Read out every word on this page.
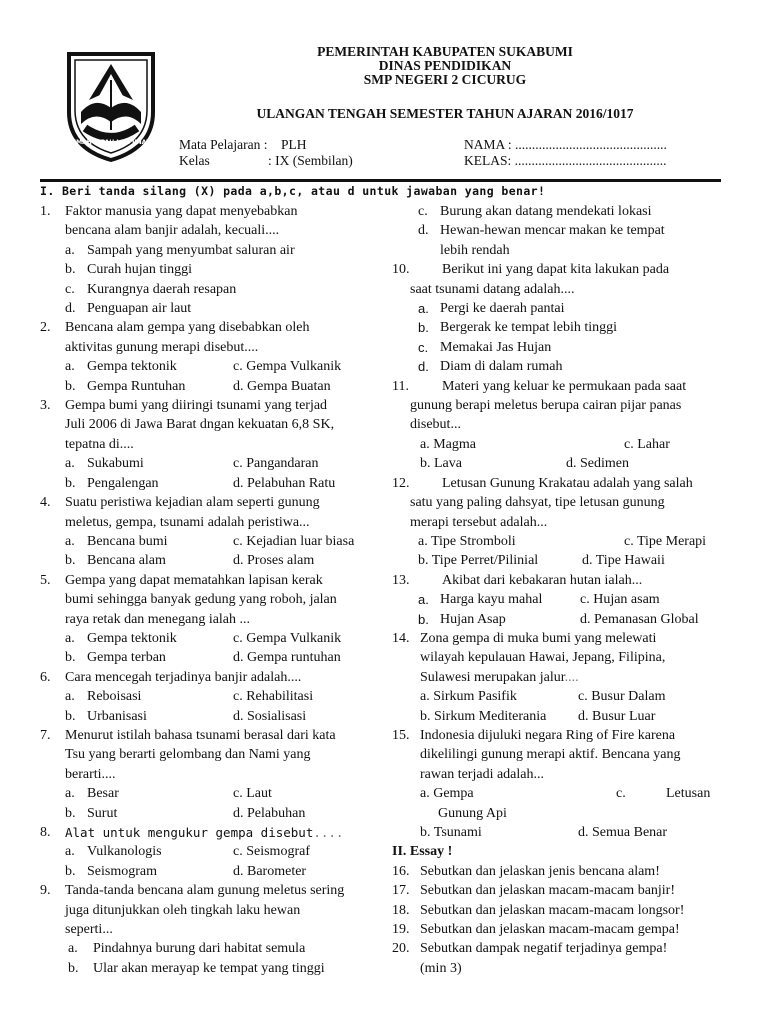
GEMAH RIPAH LOH JINAWI
PEMERINTAH KABUPATEN SUKABUMI
DINAS PENDIDIKAN
SMP NEGERI 2 CICURUG
ULANGAN TENGAH SEMESTER TAHUN AJARAN 2016/1017
Mata Pelajaran : PLH
Kelas	: IX (Sembilan)
NAMA : .............................................
KELAS: .............................................
I. Beri tanda silang (X) pada a,b,c, atau d untuk jawaban yang benar!
1.	Faktor manusia yang dapat menyebabkan
bencana alam banjir adalah, kecuali....
a. Sampah yang menyumbat saluran air
b. Curah hujan tinggi
c. Kurangnya daerah resapan
d. Penguapan air laut
2.	Bencana alam gempa yang disebabkan oleh
aktivitas gunung merapi disebut....
a. Gempa tektonik	c. Gempa Vulkanik
b. Gempa Runtuhan	d. Gempa Buatan
3.	Gempa bumi yang diiringi tsunami yang terjad
Juli 2006 di Jawa Barat dngan kekuatan 6,8 SK,
tepatna di....
a. Sukabumi	c. Pangandaran
b. Pengalengan	d. Pelabuhan Ratu
4.	Suatu peristiwa kejadian alam seperti gunung
meletus, gempa, tsunami adalah peristiwa...
a. Bencana bumi	c. Kejadian luar biasa
b. Bencana alam	d. Proses alam
5.	Gempa yang dapat mematahkan lapisan kerak
bumi sehingga banyak gedung yang roboh, jalan
raya retak dan menegang ialah ...
a. Gempa tektonik	c. Gempa Vulkanik
b. Gempa terban	d. Gempa runtuhan
6.	Cara mencegah terjadinya banjir adalah....
a. Reboisasi	c. Rehabilitasi
b. Urbanisasi	d. Sosialisasi
7.	Menurut istilah bahasa tsunami berasal dari kata
Tsu yang berarti gelombang dan Nami yang
berarti....
a. Besar	c. Laut
b. Surut	d. Pelabuhan
8.	Alat untuk mengukur gempa disebut ....
a. Vulkanologis	c. Seismograf
b. Seismogram	d. Barometer
9.	Tanda-tanda bencana alam gunung meletus sering
juga ditunjukkan oleh tingkah laku hewan
seperti...
a.	Pindahnya burung dari habitat semula
b.	Ular akan merayap ke tempat yang tinggi
c. Burung akan datang mendekati lokasi
d. Hewan-hewan mencar makan ke tempat
lebih rendah
10.	Berikut ini yang dapat kita lakukan pada
saat tsunami datang adalah....
a. Pergi ke daerah pantai
b. Bergerak ke tempat lebih tinggi
c. Memakai Jas Hujan
d. Diam di dalam rumah
11.	Materi yang keluar ke permukaan pada saat
gunung berapi meletus berupa cairan pijar panas
disebut...
a. Magma	c. Lahar
b. Lava	d. Sedimen
12.	Letusan Gunung Krakatau adalah yang salah
satu yang paling dahsyat, tipe letusan gunung
merapi tersebut adalah...
a. Tipe Stromboli	c. Tipe Merapi
b. Tipe Perret/Pilinial	d. Tipe Hawaii
13.	Akibat dari kebakaran hutan ialah...
a. Harga kayu mahal	c. Hujan asam
b. Hujan Asap	d. Pemanasan Global
14. Zona gempa di muka bumi yang melewati
wilayah kepulauan Hawai, Jepang, Filipina,
Sulawesi merupakan jalur....
a. Sirkum Pasifik	c. Busur Dalam
b. Sirkum Mediterania	d. Busur Luar
15. Indonesia dijuluki negara Ring of Fire karena
dikelilingi gunung merapi aktif. Bencana yang
rawan terjadi adalah...
a. Gempa	c.	Letusan
Gunung Api
b. Tsunami	d. Semua Benar
II. Essay !
16. Sebutkan dan jelaskan jenis bencana alam!
17. Sebutkan dan jelaskan macam-macam banjir!
18. Sebutkan dan jelaskan macam-macam longsor!
19. Sebutkan dan jelaskan macam-macam gempa!
20. Sebutkan dampak negatif terjadinya gempa!
(min 3)
